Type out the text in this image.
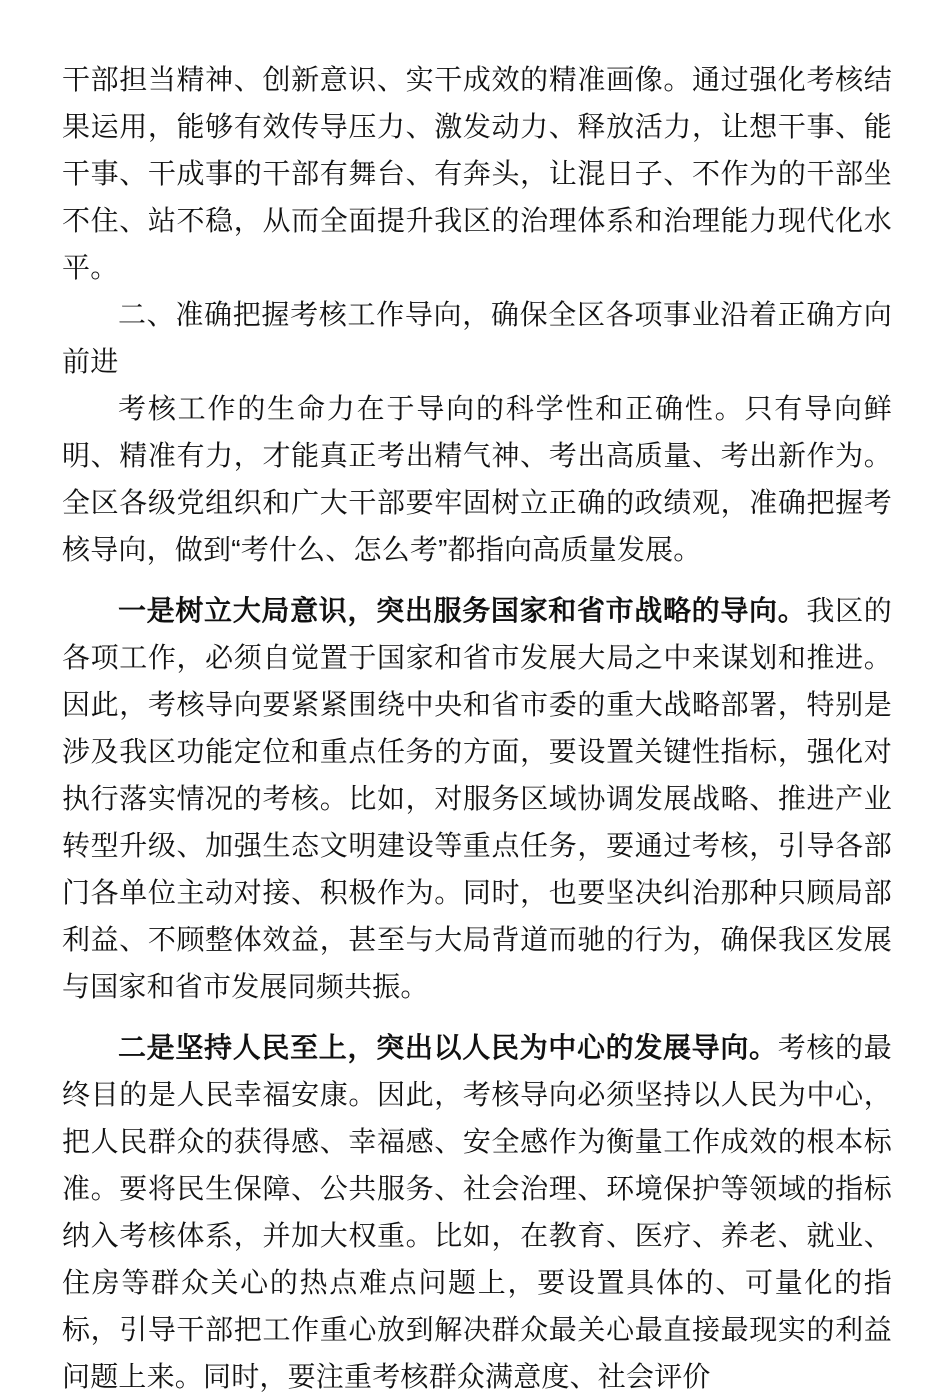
干部担当精神、创新意识、实干成效的精准画像。通过强化考核结果运用，能够有效传导压力、激发动力、释放活力，让想干事、能干事、干成事的干部有舞台、有奔头，让混日子、不作为的干部坐不住、站不稳，从而全面提升我区的治理体系和治理能力现代化水平。

二、准确把握考核工作导向，确保全区各项事业沿着正确方向前进

考核工作的生命力在于导向的科学性和正确性。只有导向鲜明、精准有力，才能真正考出精气神、考出高质量、考出新作为。全区各级党组织和广大干部要牢固树立正确的政绩观，准确把握考核导向，做到“考什么、怎么考”都指向高质量发展。

一是树立大局意识，突出服务国家和省市战略的导向。我区的各项工作，必须自觉置于国家和省市发展大局之中来谋划和推进。因此，考核导向要紧紧围绕中央和省市委的重大战略部署，特别是涉及我区功能定位和重点任务的方面，要设置关键性指标，强化对执行落实情况的考核。比如，对服务区域协调发展战略、推进产业转型升级、加强生态文明建设等重点任务，要通过考核，引导各部门各单位主动对接、积极作为。同时，也要坚决纠治那种只顾局部利益、不顾整体效益，甚至与大局背道而驰的行为，确保我区发展与国家和省市发展同频共振。

二是坚持人民至上，突出以人民为中心的发展导向。考核的最终目的是人民幸福安康。因此，考核导向必须坚持以人民为中心，把人民群众的获得感、幸福感、安全感作为衡量工作成效的根本标准。要将民生保障、公共服务、社会治理、环境保护等领域的指标纳入考核体系，并加大权重。比如，在教育、医疗、养老、就业、住房等群众关心的热点难点问题上，要设置具体的、可量化的指标，引导干部把工作重心放到解决群众最关心最直接最现实的利益问题上来。同时，要注重考核群众满意度、社会评价
